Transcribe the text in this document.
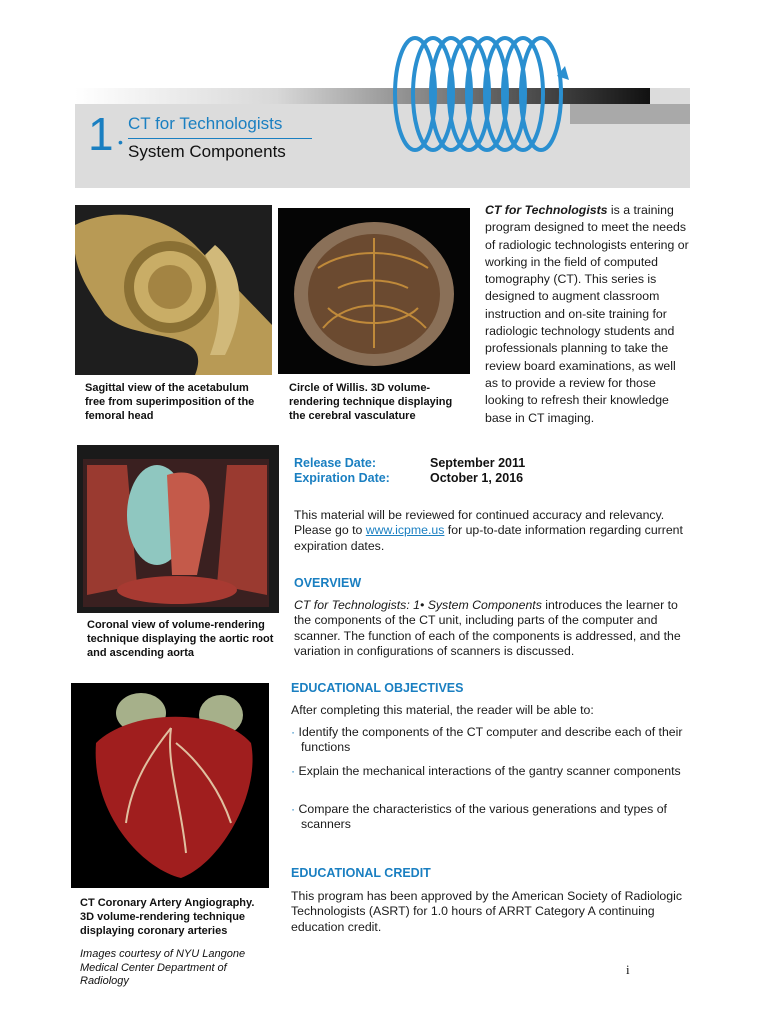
1 •
CT for Technologists
System Components
Sagittal view of the acetabulum free from superimposition of the femoral head
Circle of Willis. 3D volume-rendering technique displaying the cerebral vasculature
CT for Technologists is a training program designed to meet the needs of radiologic technologists entering or working in the field of computed tomography (CT). This series is designed to augment classroom instruction and on-site training for radiologic technology students and professionals planning to take the review board examinations, as well as to provide a review for those looking to refresh their knowledge base in CT imaging.
Coronal view of volume-rendering technique displaying the aortic root and ascending aorta
Release Date:	September 2011
Expiration Date:	October 1, 2016
This material will be reviewed for continued accuracy and relevancy. Please go to www.icpme.us for up-to-date information regarding current expiration dates.
OVERVIEW
CT for Technologists: 1• System Components introduces the learner to the components of the CT unit, including parts of the computer and scanner. The function of each of the components is addressed, and the variation in configurations of scanners is discussed.
CT Coronary Artery Angiography. 3D volume-rendering technique displaying coronary arteries
EDUCATIONAL OBJECTIVES
After completing this material, the reader will be able to:
· Identify the components of the CT computer and describe each of their functions
· Explain the mechanical interactions of the gantry scanner components
· Compare the characteristics of the various generations and types of scanners
EDUCATIONAL CREDIT
This program has been approved by the American Society of Radiologic Technologists (ASRT) for 1.0 hours of ARRT Category A continuing education credit.
Images courtesy of NYU Langone Medical Center Department of Radiology
i
